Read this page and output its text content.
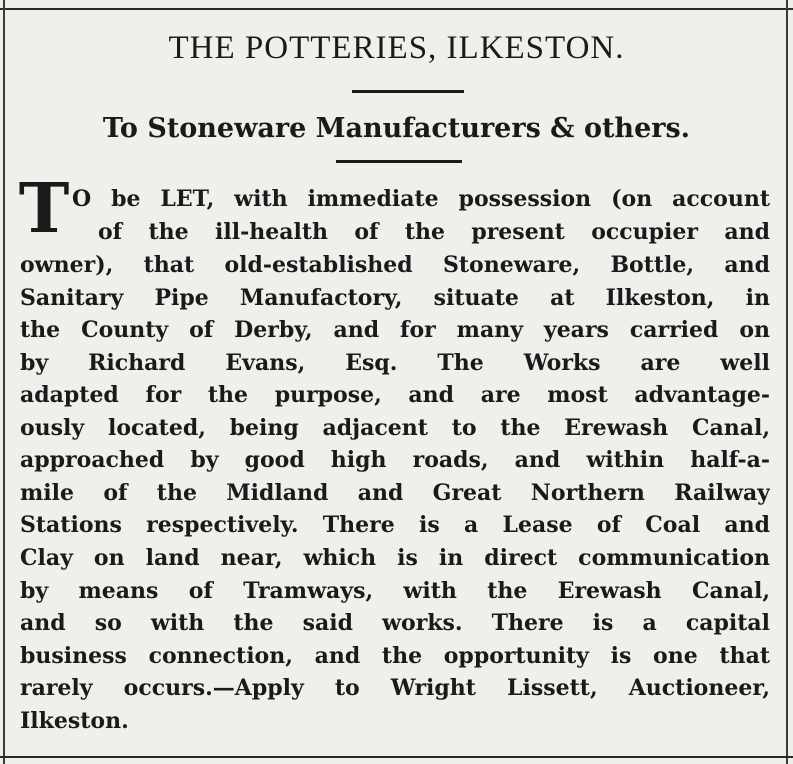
THE POTTERIES, ILKESTON.
To Stoneware Manufacturers & others.
T O be LET, with immediate possession (on account
of the ill-health of the present occupier and
owner), that old-established Stoneware, Bottle, and
Sanitary Pipe Manufactory, situate at Ilkeston, in
the County of Derby, and for many years carried on
by Richard Evans, Esq. The Works are well
adapted for the purpose, and are most advantage-
ously located, being adjacent to the Erewash Canal,
approached by good high roads, and within half-a-
mile of the Midland and Great Northern Railway
Stations respectively. There is a Lease of Coal and
Clay on land near, which is in direct communication
by means of Tramways, with the Erewash Canal,
and so with the said works. There is a capital
business connection, and the opportunity is one that
rarely occurs.—Apply to Wright Lissett, Auctioneer,
Ilkeston.
